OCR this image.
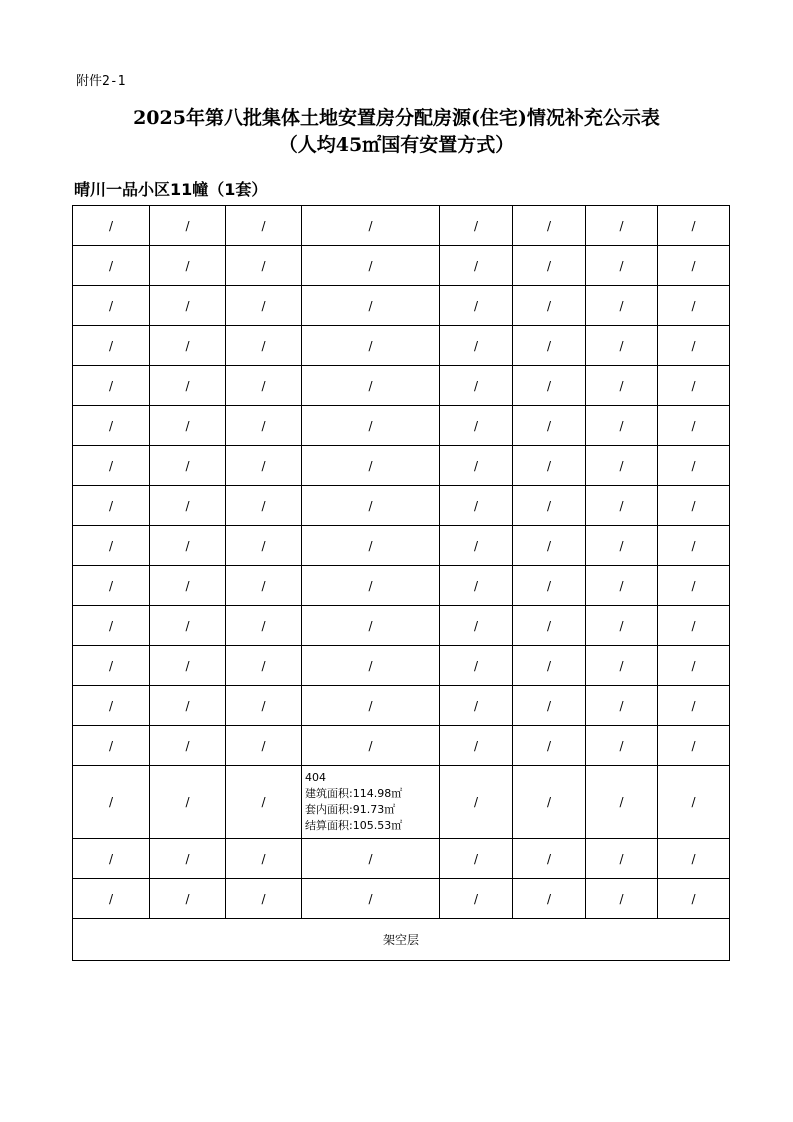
附件2-1
2025年第八批集体土地安置房分配房源(住宅)情况补充公示表
（人均45㎡国有安置方式）
晴川一品小区11幢（1套）
/	/	/	/	/	/	/	/
/	/	/	/	/	/	/	/
/	/	/	/	/	/	/	/
/	/	/	/	/	/	/	/
/	/	/	/	/	/	/	/
/	/	/	/	/	/	/	/
/	/	/	/	/	/	/	/
/	/	/	/	/	/	/	/
/	/	/	/	/	/	/	/
/	/	/	/	/	/	/	/
/	/	/	/	/	/	/	/
/	/	/	/	/	/	/	/
/	/	/	/	/	/	/	/
/	/	/	/	/	/	/	/
/	/	/	404
建筑面积:114.98㎡
套内面积:91.73㎡
结算面积:105.53㎡	/	/	/	/
/	/	/	/	/	/	/	/
/	/	/	/	/	/	/	/
架空层							
